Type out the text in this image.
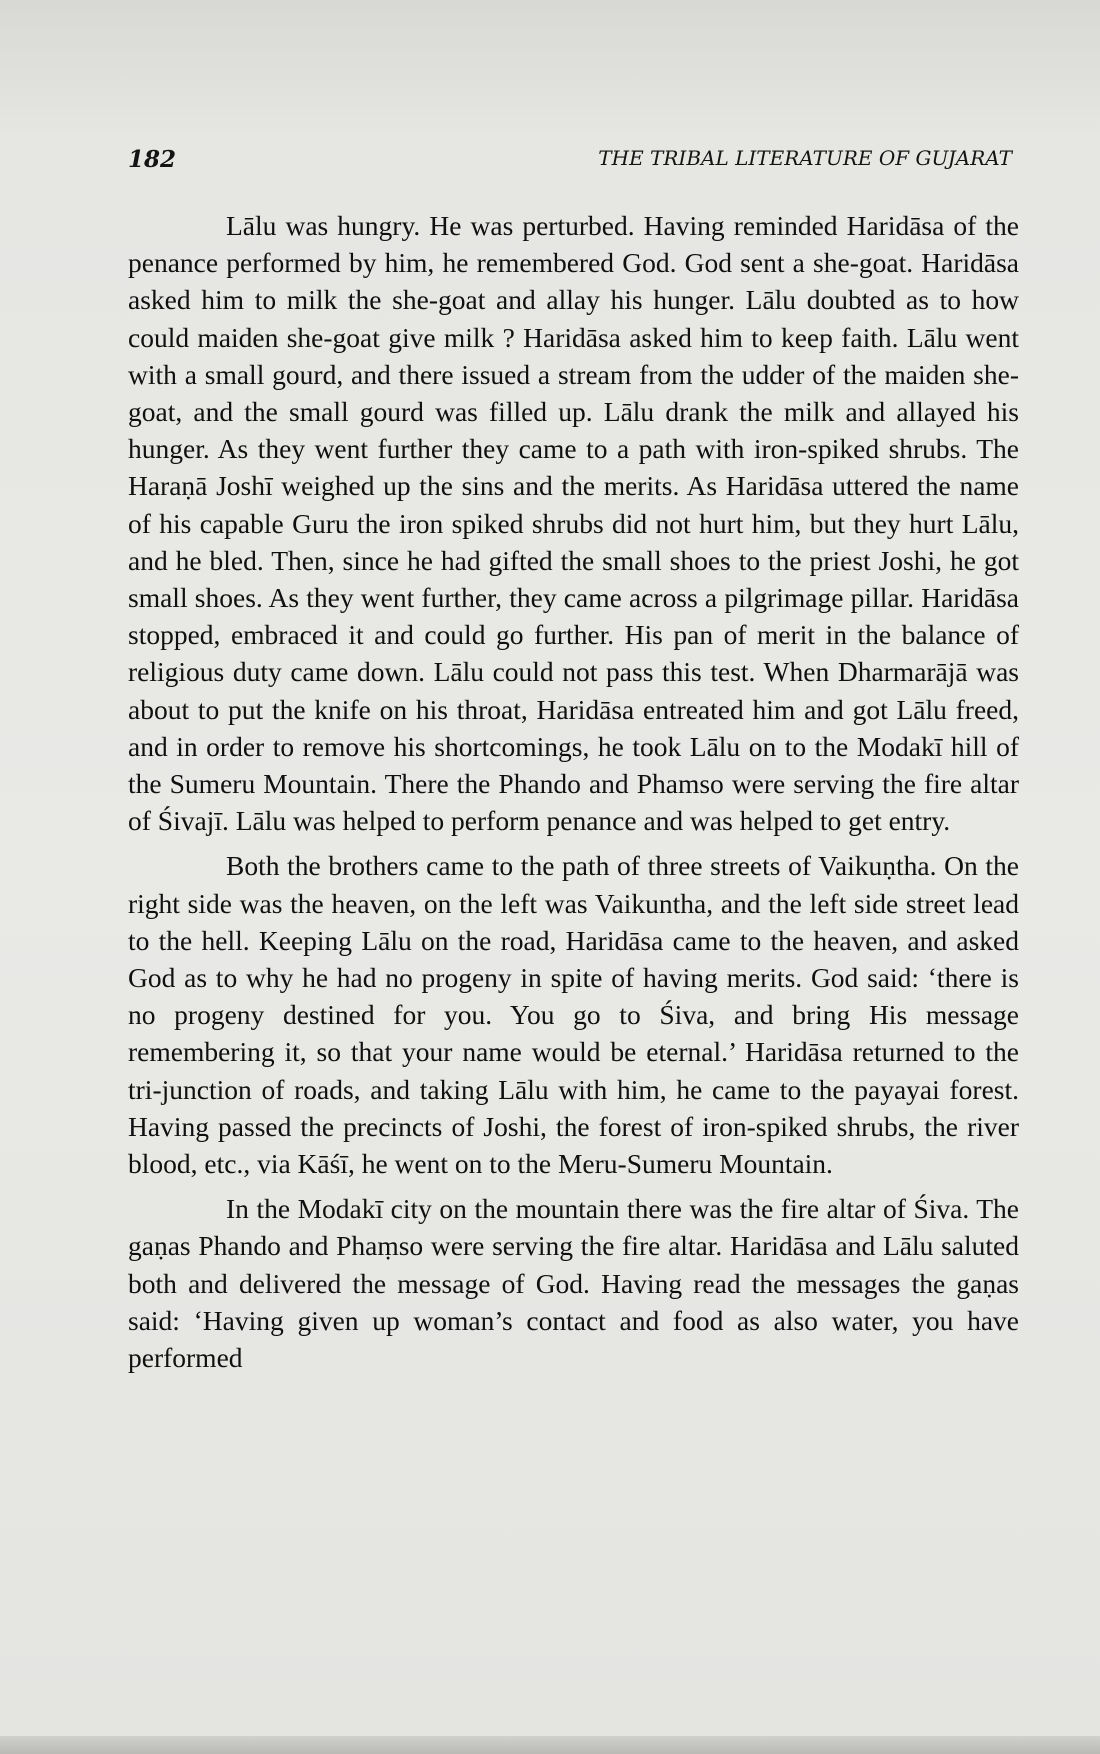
182	THE TRIBAL LITERATURE OF GUJARAT

Lālu was hungry. He was perturbed. Having reminded Haridāsa of the penance performed by him, he remembered God. God sent a she-goat. Haridāsa asked him to milk the she-goat and allay his hunger. Lālu doubted as to how could maiden she-goat give milk ? Haridāsa asked him to keep faith. Lālu went with a small gourd, and there issued a stream from the udder of the maiden she-goat, and the small gourd was filled up. Lālu drank the milk and allayed his hunger. As they went further they came to a path with iron-spiked shrubs. The Haraṇā Joshī weighed up the sins and the merits. As Haridāsa uttered the name of his capable Guru the iron spiked shrubs did not hurt him, but they hurt Lālu, and he bled. Then, since he had gifted the small shoes to the priest Joshi, he got small shoes. As they went further, they came across a pilgrimage pillar. Haridāsa stopped, embraced it and could go further. His pan of merit in the balance of religious duty came down. Lālu could not pass this test. When Dharmarājā was about to put the knife on his throat, Haridāsa entreated him and got Lālu freed, and in order to remove his shortcomings, he took Lālu on to the Modakī hill of the Sumeru Mountain. There the Phando and Phamso were serving the fire altar of Śivajī. Lālu was helped to perform penance and was helped to get entry.

Both the brothers came to the path of three streets of Vaikuṇtha. On the right side was the heaven, on the left was Vaikuntha, and the left side street lead to the hell. Keeping Lālu on the road, Haridāsa came to the heaven, and asked God as to why he had no progeny in spite of having merits. God said: ‘there is no progeny destined for you. You go to Śiva, and bring His message remembering it, so that your name would be eternal.’ Haridāsa returned to the tri-junction of roads, and taking Lālu with him, he came to the payayai forest. Having passed the precincts of Joshi, the forest of iron-spiked shrubs, the river blood, etc., via Kāśī, he went on to the Meru-Sumeru Mountain.

In the Modakī city on the mountain there was the fire altar of Śiva. The gaṇas Phando and Phaṃso were serving the fire altar. Haridāsa and Lālu saluted both and delivered the message of God. Having read the messages the gaṇas said: ‘Having given up woman’s contact and food as also water, you have performed
